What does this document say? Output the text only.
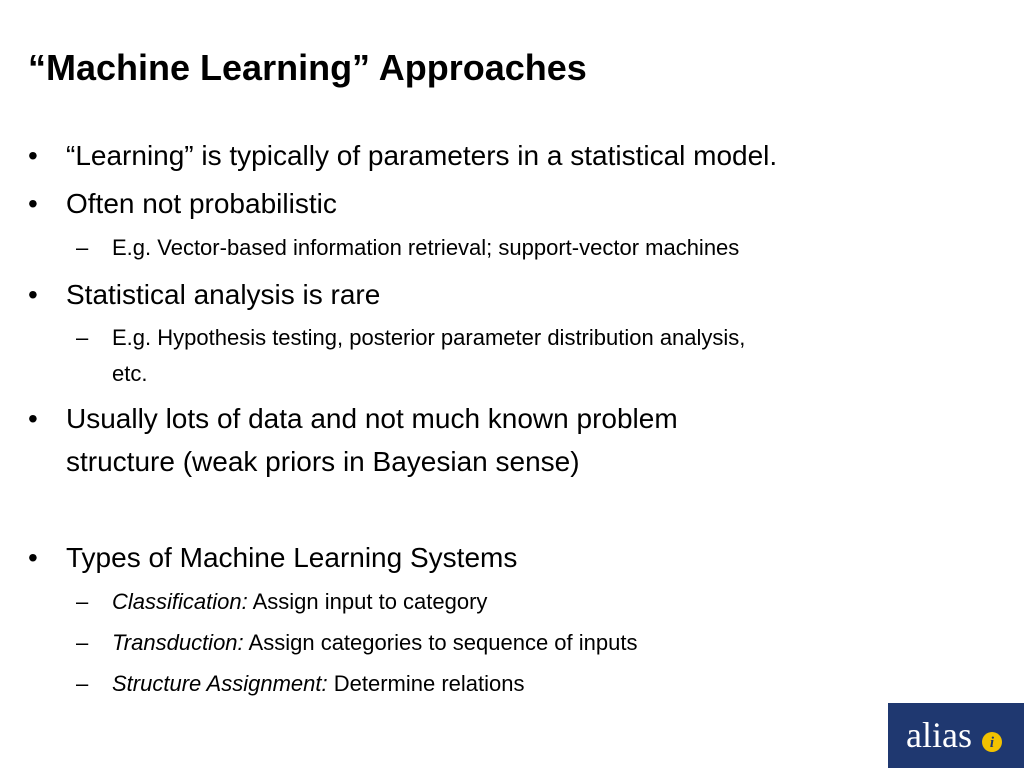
“Machine Learning” Approaches
• “Learning” is typically of parameters in a statistical model.
• Often not probabilistic
– E.g. Vector-based information retrieval; support-vector machines
• Statistical analysis is rare
– E.g. Hypothesis testing, posterior parameter distribution analysis,
etc.
• Usually lots of data and not much known problem
structure (weak priors in Bayesian sense)
• Types of Machine Learning Systems
– Classification: Assign input to category
– Transduction: Assign categories to sequence of inputs
– Structure Assignment: Determine relations
alias i
